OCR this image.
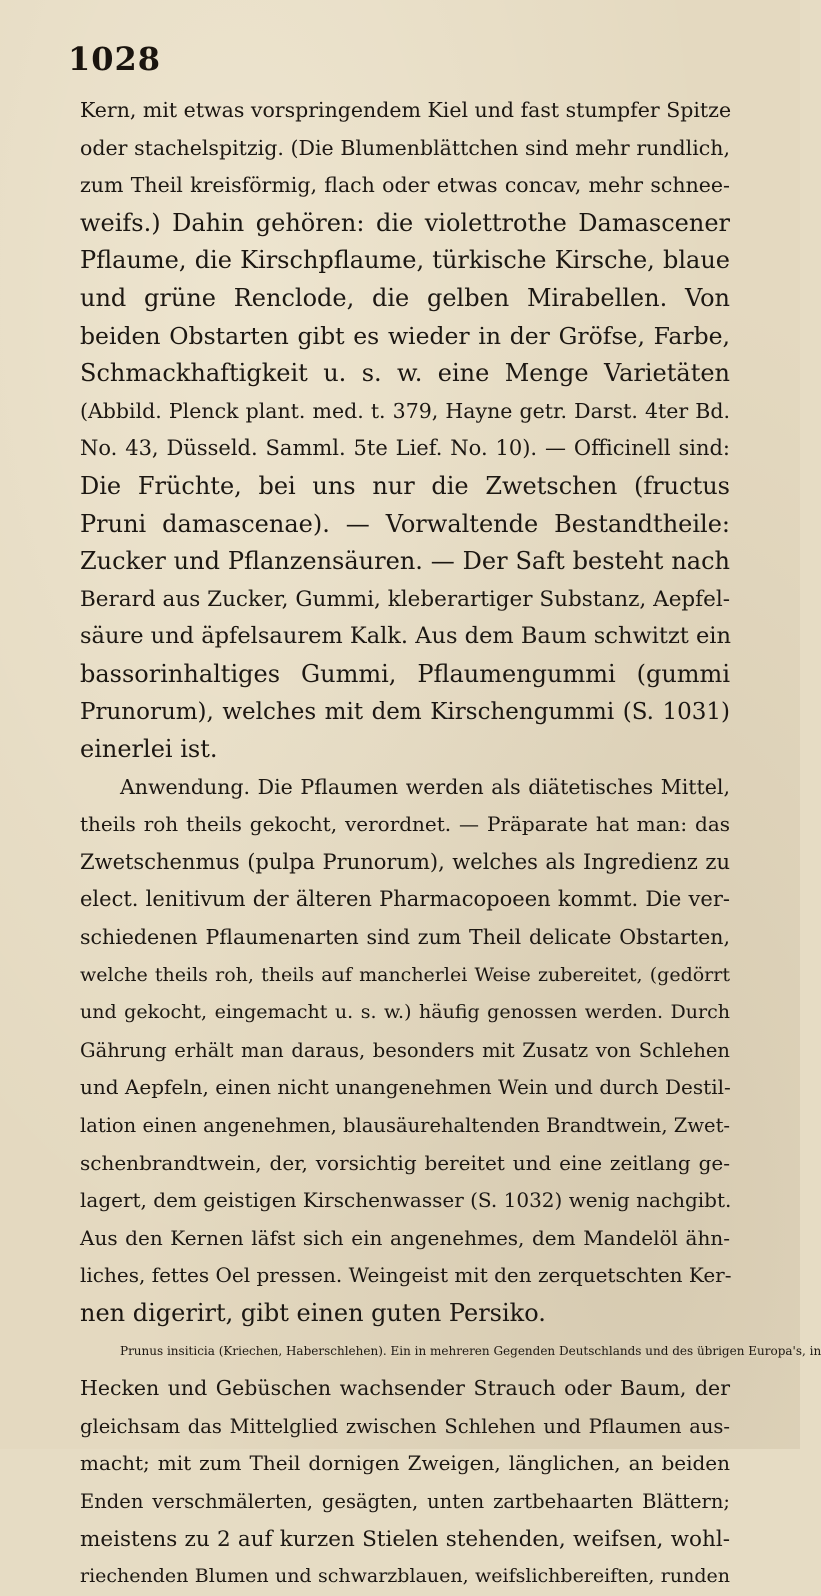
1028
Kern, mit etwas vorspringendem Kiel und fast stumpfer Spitze
oder stachelspitzig. (Die Blumenblättchen sind mehr rundlich,
zum Theil kreisförmig, flach oder etwas concav, mehr schnee-
weifs.) Dahin gehören: die violettrothe Damascener
Pflaume, die Kirschpflaume, türkische Kirsche, blaue
und grüne Renclode, die gelben Mirabellen. Von
beiden Obstarten gibt es wieder in der Gröfse, Farbe,
Schmackhaftigkeit u. s. w. eine Menge Varietäten
(Abbild. Plenck plant. med. t. 379, Hayne getr. Darst. 4ter Bd.
No. 43, Düsseld. Samml. 5te Lief. No. 10). — Officinell sind:
Die Früchte, bei uns nur die Zwetschen (fructus
Pruni damascenae). — Vorwaltende Bestandtheile:
Zucker und Pflanzensäuren. — Der Saft besteht nach
Berard aus Zucker, Gummi, kleberartiger Substanz, Aepfel-
säure und äpfelsaurem Kalk. Aus dem Baum schwitzt ein
bassorinhaltiges Gummi, Pflaumengummi (gummi
Prunorum), welches mit dem Kirschengummi (S. 1031)
einerlei ist.
Anwendung. Die Pflaumen werden als diätetisches Mittel,
theils roh theils gekocht, verordnet. — Präparate hat man: das
Zwetschenmus (pulpa Prunorum), welches als Ingredienz zu
elect. lenitivum der älteren Pharmacopoeen kommt. Die ver-
schiedenen Pflaumenarten sind zum Theil delicate Obstarten,
welche theils roh, theils auf mancherlei Weise zubereitet, (gedörrt
und gekocht, eingemacht u. s. w.) häufig genossen werden. Durch
Gährung erhält man daraus, besonders mit Zusatz von Schlehen
und Aepfeln, einen nicht unangenehmen Wein und durch Destil-
lation einen angenehmen, blausäurehaltenden Brandtwein, Zwet-
schenbrandtwein, der, vorsichtig bereitet und eine zeitlang ge-
lagert, dem geistigen Kirschenwasser (S. 1032) wenig nachgibt.
Aus den Kernen läfst sich ein angenehmes, dem Mandelöl ähn-
liches, fettes Oel pressen. Weingeist mit den zerquetschten Ker-
nen digerirt, gibt einen guten Persiko.
Prunus insiticia (Kriechen, Haberschlehen). Ein in mehreren Gegenden Deutschlands und des übrigen Europa's, in
Hecken und Gebüschen wachsender Strauch oder Baum, der
gleichsam das Mittelglied zwischen Schlehen und Pflaumen aus-
macht; mit zum Theil dornigen Zweigen, länglichen, an beiden
Enden verschmälerten, gesägten, unten zartbehaarten Blättern;
meistens zu 2 auf kurzen Stielen stehenden, weifsen, wohl-
riechenden Blumen und schwarzblauen, weifslichbereiften, runden
